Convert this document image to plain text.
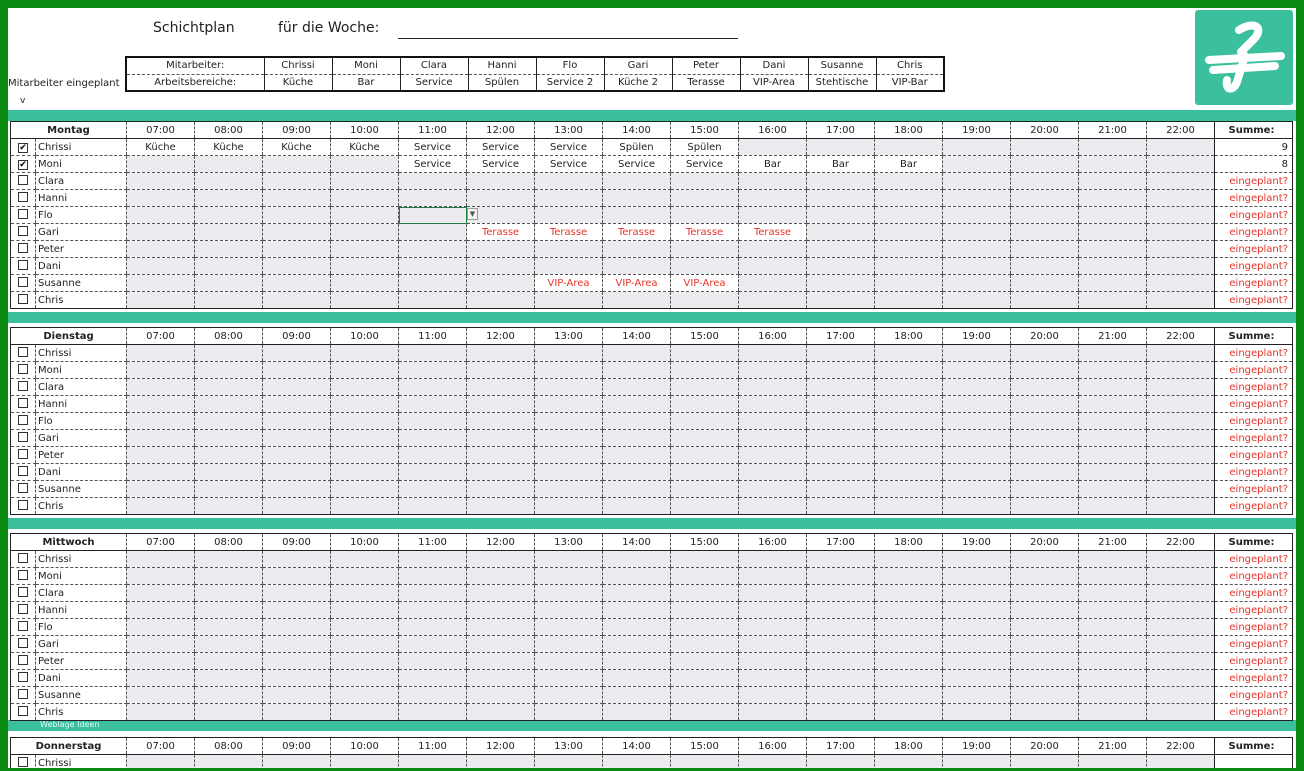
Schichtplan	für die Woche:
Mitarbeiter eingeplant
v
Mitarbeiter:	Chrissi	Moni	Clara	Hanni	Flo	Gari	Peter	Dani	Susanne	Chris
Arbeitsbereiche:	Küche	Bar	Service	Spülen	Service 2	Küche 2	Terasse	VIP-Area	Stehtische	VIP-Bar
Weblage Ideen
Montag		07:00	08:00	09:00	10:00	11:00	12:00	13:00	14:00	15:00	16:00	17:00	18:00	19:00	20:00	21:00	22:00	Summe:
✔	Chrissi	Küche	Küche	Küche	Küche	Service	Service	Service	Spülen	Spülen								9
✔	Moni					Service	Service	Service	Service	Service	Bar	Bar	Bar					8
	Clara																	eingeplant?
	Hanni																	eingeplant?
	Flo					▼												eingeplant?
	Gari						Terasse	Terasse	Terasse	Terasse	Terasse							eingeplant?
	Peter																	eingeplant?
	Dani																	eingeplant?
	Susanne							VIP-Area	VIP-Area	VIP-Area								eingeplant?
	Chris																	eingeplant?
Dienstag		07:00	08:00	09:00	10:00	11:00	12:00	13:00	14:00	15:00	16:00	17:00	18:00	19:00	20:00	21:00	22:00	Summe:
	Chrissi																	eingeplant?
	Moni																	eingeplant?
	Clara																	eingeplant?
	Hanni																	eingeplant?
	Flo																	eingeplant?
	Gari																	eingeplant?
	Peter																	eingeplant?
	Dani																	eingeplant?
	Susanne																	eingeplant?
	Chris																	eingeplant?
Mittwoch		07:00	08:00	09:00	10:00	11:00	12:00	13:00	14:00	15:00	16:00	17:00	18:00	19:00	20:00	21:00	22:00	Summe:
	Chrissi																	eingeplant?
	Moni																	eingeplant?
	Clara																	eingeplant?
	Hanni																	eingeplant?
	Flo																	eingeplant?
	Gari																	eingeplant?
	Peter																	eingeplant?
	Dani																	eingeplant?
	Susanne																	eingeplant?
	Chris																	eingeplant?
Donnerstag		07:00	08:00	09:00	10:00	11:00	12:00	13:00	14:00	15:00	16:00	17:00	18:00	19:00	20:00	21:00	22:00	Summe:
	Chrissi																	
